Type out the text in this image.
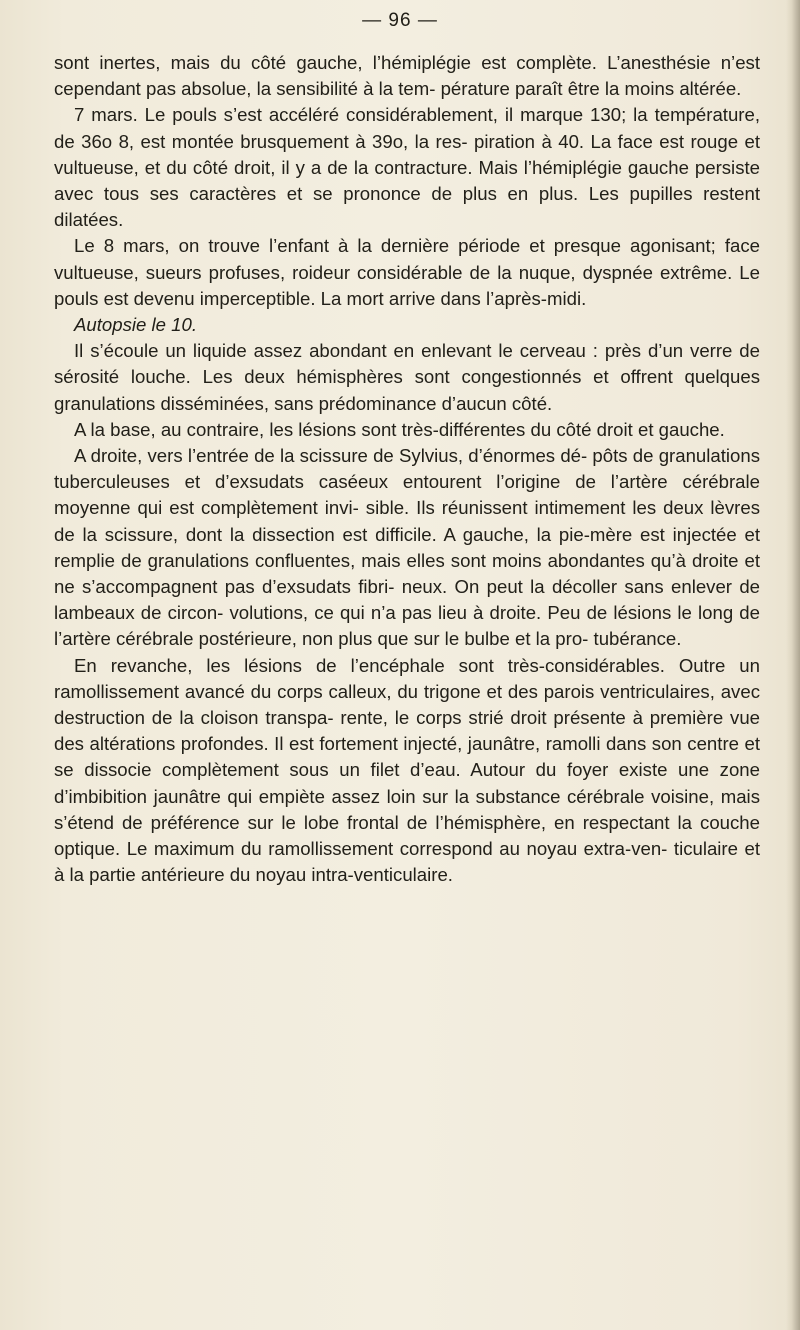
— 96 —

sont inertes, mais du côté gauche, l’hémiplégie est complète. L’anesthésie n’est cependant pas absolue, la sensibilité à la tem- pérature paraît être la moins altérée.

7 mars. Le pouls s’est accéléré considérablement, il marque 130; la température, de 36o 8, est montée brusquement à 39o, la res- piration à 40. La face est rouge et vultueuse, et du côté droit, il y a de la contracture. Mais l’hémiplégie gauche persiste avec tous ses caractères et se prononce de plus en plus. Les pupilles restent dilatées.

Le 8 mars, on trouve l’enfant à la dernière période et presque agonisant; face vultueuse, sueurs profuses, roideur considérable de la nuque, dyspnée extrême. Le pouls est devenu imperceptible. La mort arrive dans l’après-midi.

Autopsie le 10.

Il s’écoule un liquide assez abondant en enlevant le cerveau : près d’un verre de sérosité louche. Les deux hémisphères sont congestionnés et offrent quelques granulations disséminées, sans prédominance d’aucun côté.

A la base, au contraire, les lésions sont très-différentes du côté droit et gauche.

A droite, vers l’entrée de la scissure de Sylvius, d’énormes dé- pôts de granulations tuberculeuses et d’exsudats caséeux entourent l’origine de l’artère cérébrale moyenne qui est complètement invi- sible. Ils réunissent intimement les deux lèvres de la scissure, dont la dissection est difficile. A gauche, la pie-mère est injectée et remplie de granulations confluentes, mais elles sont moins abondantes qu’à droite et ne s’accompagnent pas d’exsudats fibri- neux. On peut la décoller sans enlever de lambeaux de circon- volutions, ce qui n’a pas lieu à droite. Peu de lésions le long de l’artère cérébrale postérieure, non plus que sur le bulbe et la pro- tubérance.

En revanche, les lésions de l’encéphale sont très-considérables. Outre un ramollissement avancé du corps calleux, du trigone et des parois ventriculaires, avec destruction de la cloison transpa- rente, le corps strié droit présente à première vue des altérations profondes. Il est fortement injecté, jaunâtre, ramolli dans son centre et se dissocie complètement sous un filet d’eau. Autour du foyer existe une zone d’imbibition jaunâtre qui empiète assez loin sur la substance cérébrale voisine, mais s’étend de préférence sur le lobe frontal de l’hémisphère, en respectant la couche optique. Le maximum du ramollissement correspond au noyau extra-ven- ticulaire et à la partie antérieure du noyau intra-venticulaire.
